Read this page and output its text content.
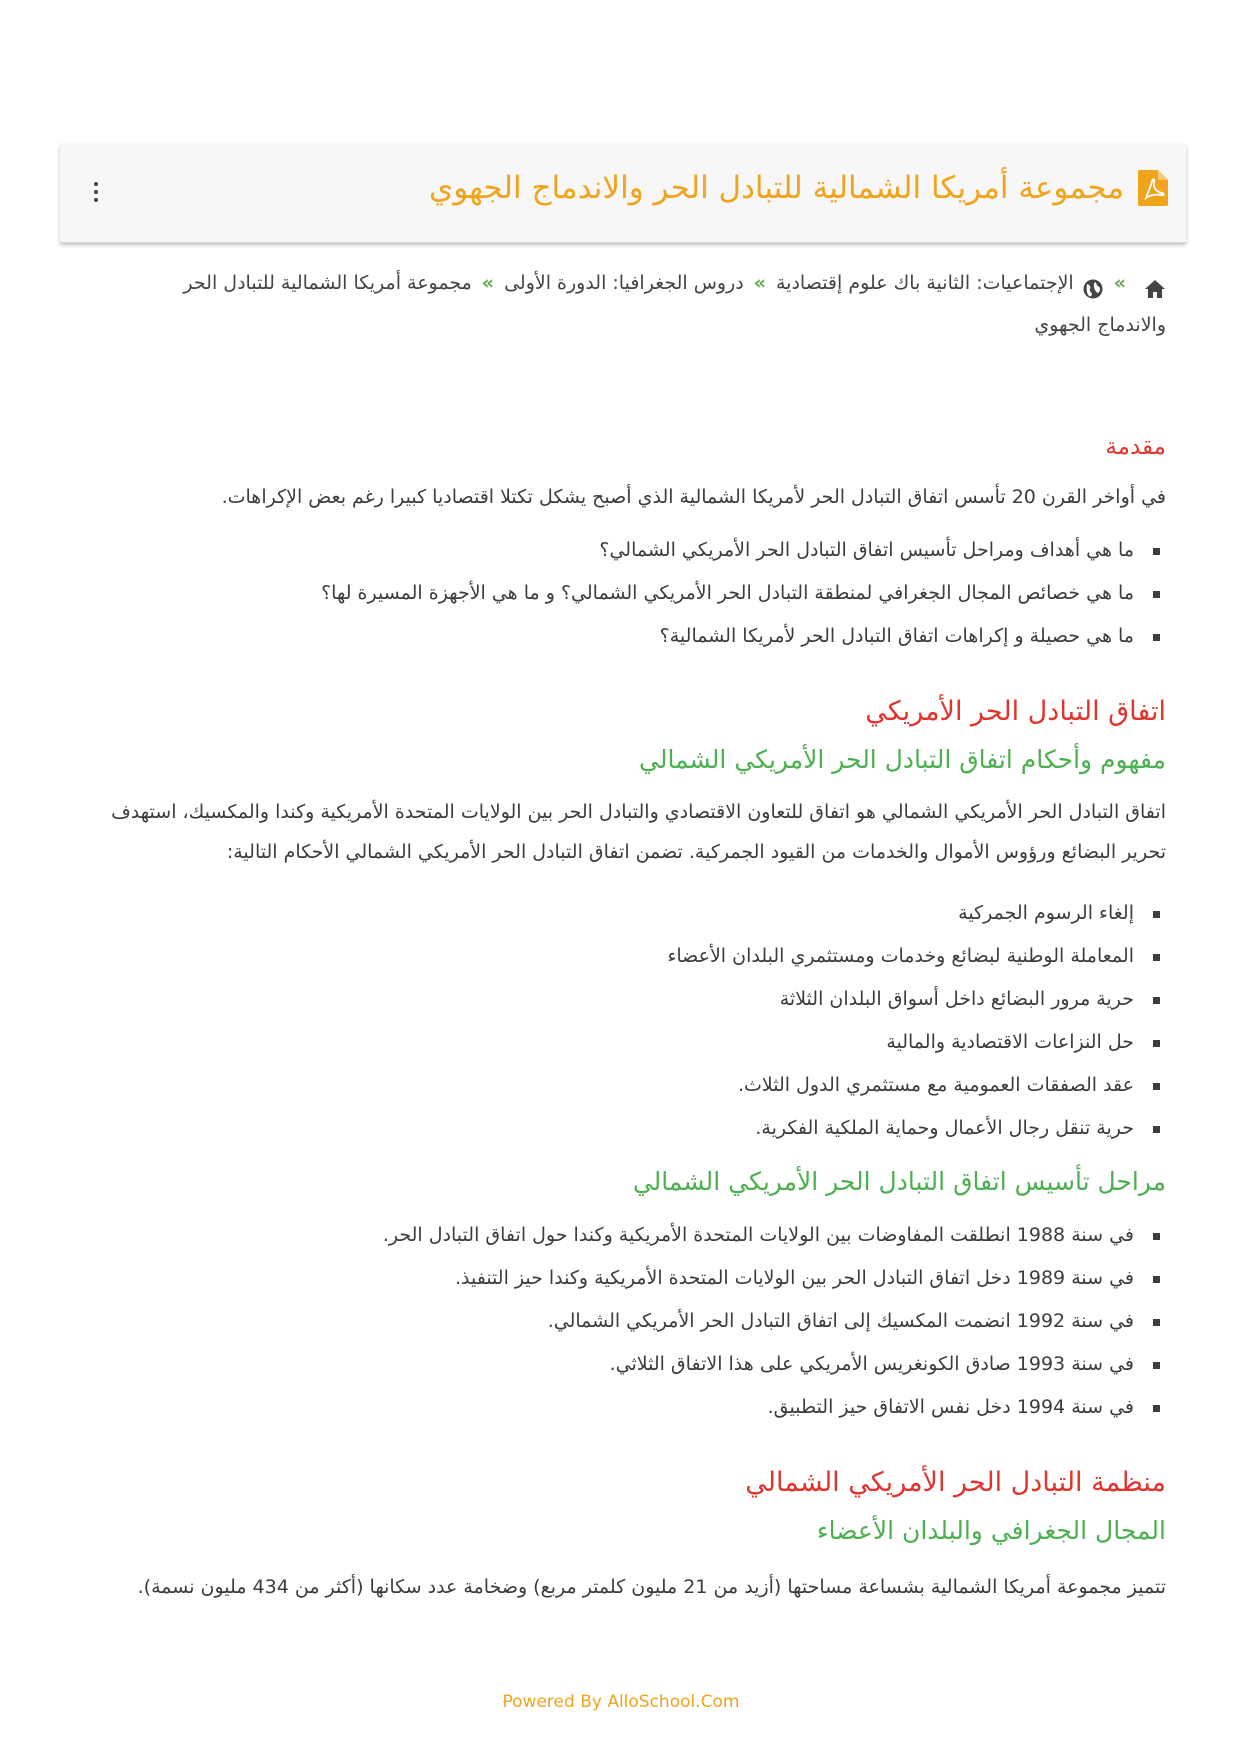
مجموعة أمريكا الشمالية للتبادل الحر والاندماج الجهوي
»الإجتماعيات: الثانية باك علوم إقتصادية»دروس الجغرافيا: الدورة الأولى»مجموعة أمريكا الشمالية للتبادل الحر والاندماج الجهوي
مقدمة

في أواخر القرن 20 تأسس اتفاق التبادل الحر لأمريكا الشمالية الذي أصبح يشكل تكتلا اقتصاديا كبيرا رغم بعض الإكراهات.

ما هي أهداف ومراحل تأسيس اتفاق التبادل الحر الأمريكي الشمالي؟
ما هي خصائص المجال الجغرافي لمنطقة التبادل الحر الأمريكي الشمالي؟ و ما هي الأجهزة المسيرة لها؟
ما هي حصيلة و إكراهات اتفاق التبادل الحر لأمريكا الشمالية؟
اتفاق التبادل الحر الأمريكي
مفهوم وأحكام اتفاق التبادل الحر الأمريكي الشمالي

اتفاق التبادل الحر الأمريكي الشمالي هو اتفاق للتعاون الاقتصادي والتبادل الحر بين الولايات المتحدة الأمريكية وكندا والمكسيك، استهدف تحرير البضائع ورؤوس الأموال والخدمات من القيود الجمركية. تضمن اتفاق التبادل الحر الأمريكي الشمالي الأحكام التالية:

إلغاء الرسوم الجمركية
المعاملة الوطنية لبضائع وخدمات ومستثمري البلدان الأعضاء
حرية مرور البضائع داخل أسواق البلدان الثلاثة
حل النزاعات الاقتصادية والمالية
عقد الصفقات العمومية مع مستثمري الدول الثلاث.
حرية تنقل رجال الأعمال وحماية الملكية الفكرية.
مراحل تأسيس اتفاق التبادل الحر الأمريكي الشمالي
في سنة 1988 انطلقت المفاوضات بين الولايات المتحدة الأمريكية وكندا حول اتفاق التبادل الحر.
في سنة 1989 دخل اتفاق التبادل الحر بين الولايات المتحدة الأمريكية وكندا حيز التنفيذ.
في سنة 1992 انضمت المكسيك إلى اتفاق التبادل الحر الأمريكي الشمالي.
في سنة 1993 صادق الكونغريس الأمريكي على هذا الاتفاق الثلاثي.
في سنة 1994 دخل نفس الاتفاق حيز التطبيق.
منظمة التبادل الحر الأمريكي الشمالي
المجال الجغرافي والبلدان الأعضاء

تتميز مجموعة أمريكا الشمالية بشساعة مساحتها (أزيد من 21 مليون كلمتر مربع) وضخامة عدد سكانها (أكثر من 434 مليون نسمة).

Powered By AlloSchool.Com
